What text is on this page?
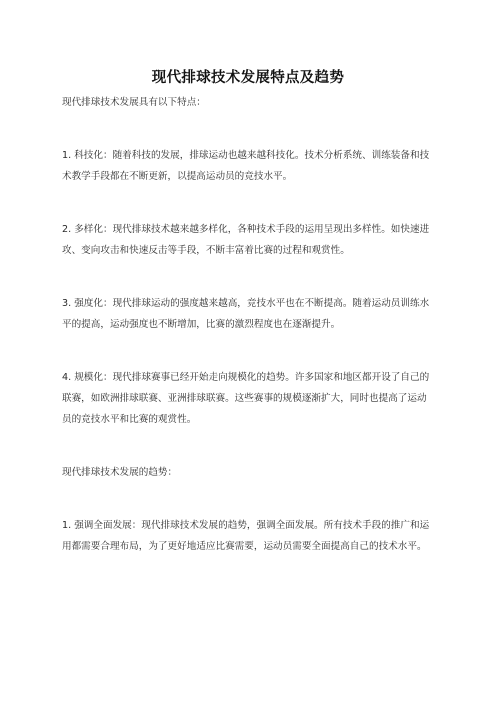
现代排球技术发展特点及趋势

现代排球技术发展具有以下特点：

1. 科技化：随着科技的发展，排球运动也越来越科技化。技术分析系统、训练装备和技术教学手段都在不断更新，以提高运动员的竞技水平。

2. 多样化：现代排球技术越来越多样化，各种技术手段的运用呈现出多样性。如快速进攻、变向攻击和快速反击等手段，不断丰富着比赛的过程和观赏性。

3. 强度化：现代排球运动的强度越来越高，竞技水平也在不断提高。随着运动员训练水平的提高，运动强度也不断增加，比赛的激烈程度也在逐渐提升。

4. 规模化：现代排球赛事已经开始走向规模化的趋势。许多国家和地区都开设了自己的联赛，如欧洲排球联赛、亚洲排球联赛。这些赛事的规模逐渐扩大，同时也提高了运动员的竞技水平和比赛的观赏性。

现代排球技术发展的趋势：

1. 强调全面发展：现代排球技术发展的趋势，强调全面发展。所有技术手段的推广和运用都需要合理布局，为了更好地适应比赛需要，运动员需要全面提高自己的技术水平。
